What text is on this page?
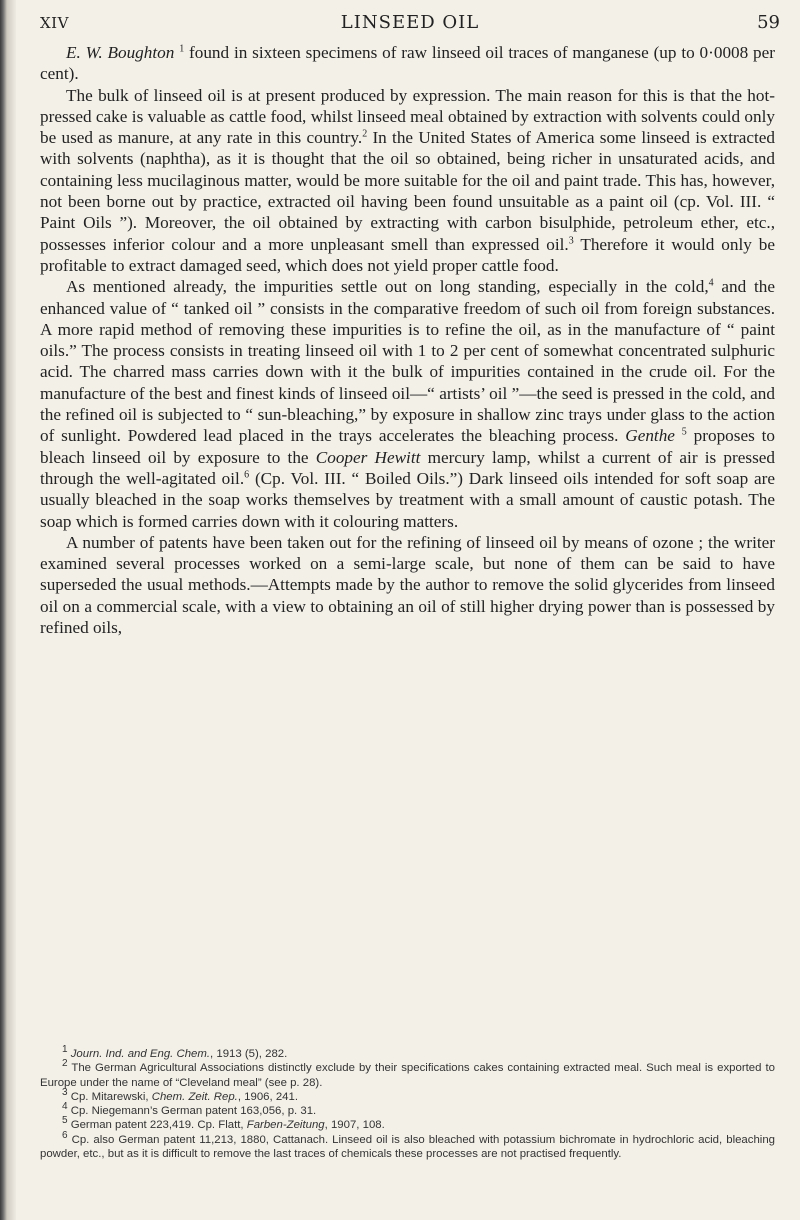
XIV	LINSEED OIL	59

E. W. Boughton $^1$ found in sixteen specimens of raw linseed oil traces of manganese (up to 0·0008 per cent).

The bulk of linseed oil is at present produced by expression. The main reason for this is that the hot-pressed cake is valuable as cattle food, whilst linseed meal obtained by extraction with solvents could only be used as manure, at any rate in this country.$^2$ In the United States of America some linseed is extracted with solvents (naphtha), as it is thought that the oil so obtained, being richer in unsaturated acids, and containing less mucilaginous matter, would be more suitable for the oil and paint trade. This has, however, not been borne out by practice, extracted oil having been found unsuitable as a paint oil (cp. Vol. III. “ Paint Oils ”). Moreover, the oil obtained by extracting with carbon bisulphide, petroleum ether, etc., possesses inferior colour and a more unpleasant smell than expressed oil.$^3$ Therefore it would only be profitable to extract damaged seed, which does not yield proper cattle food.

As mentioned already, the impurities settle out on long standing, especially in the cold,$^4$ and the enhanced value of “ tanked oil ” consists in the comparative freedom of such oil from foreign substances. A more rapid method of removing these impurities is to refine the oil, as in the manufacture of “ paint oils.” The process consists in treating linseed oil with 1 to 2 per cent of somewhat concentrated sulphuric acid. The charred mass carries down with it the bulk of impurities contained in the crude oil. For the manufacture of the best and finest kinds of linseed oil—“ artists’ oil ”—the seed is pressed in the cold, and the refined oil is subjected to “ sun-bleaching,” by exposure in shallow zinc trays under glass to the action of sunlight. Powdered lead placed in the trays accelerates the bleaching process. Genthe $^5$ proposes to bleach linseed oil by exposure to the Cooper Hewitt mercury lamp, whilst a current of air is pressed through the well-agitated oil.$^6$ (Cp. Vol. III. “ Boiled Oils.”) Dark linseed oils intended for soft soap are usually bleached in the soap works themselves by treatment with a small amount of caustic potash. The soap which is formed carries down with it colouring matters.

A number of patents have been taken out for the refining of linseed oil by means of ozone ; the writer examined several processes worked on a semi-large scale, but none of them can be said to have superseded the usual methods.—Attempts made by the author to remove the solid glycerides from linseed oil on a commercial scale, with a view to obtaining an oil of still higher drying power than is possessed by refined oils,

$^1$ Journ. Ind. and Eng. Chem., 1913 (5), 282.
$^2$ The German Agricultural Associations distinctly exclude by their specifications cakes containing extracted meal. Such meal is exported to Europe under the name of “Cleveland meal” (see p. 28).
$^3$ Cp. Mitarewski, Chem. Zeit. Rep., 1906, 241.
$^4$ Cp. Niegemann’s German patent 163,056, p. 31.
$^5$ German patent 223,419. Cp. Flatt, Farben-Zeitung, 1907, 108.
$^6$ Cp. also German patent 11,213, 1880, Cattanach. Linseed oil is also bleached with potassium bichromate in hydrochloric acid, bleaching powder, etc., but as it is difficult to remove the last traces of chemicals these processes are not practised frequently.
